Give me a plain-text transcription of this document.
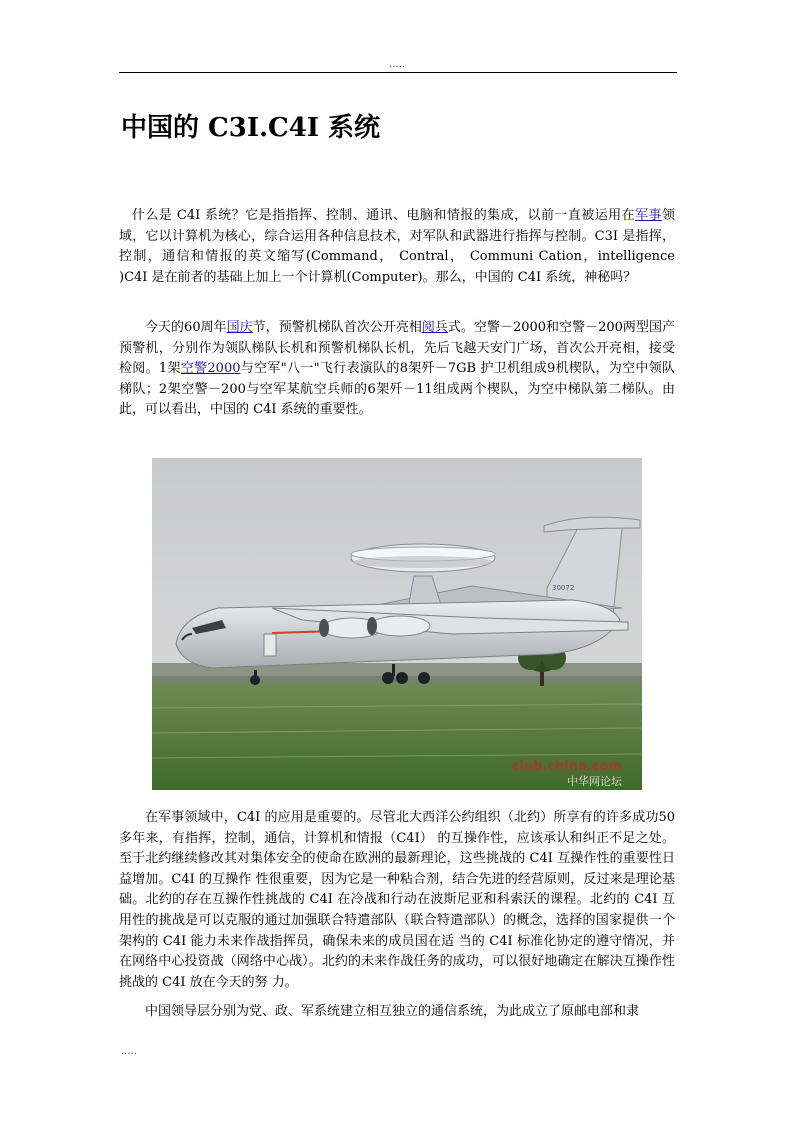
.....
中国的 C3I.C4I 系统

什么是 C4I 系统？它是指指挥、控制、通讯、电脑和情报的集成，以前一直被运用在军事领 域，它以计算机为核心，综合运用各种信息技术，对军队和武器进行指挥与控制。C3I 是指挥，控制，通信和情报的英文缩写(Command， Contral， Communi Cation，intelligence )C4I 是在前者的基础上加上一个计算机(Computer)。那么，中国的 C4I 系统，神秘吗？

今天的60周年国庆节，预警机梯队首次公开亮相阅兵式。空警－2000和空警－200两型国产预警机，分别作为领队梯队长机和预警机梯队长机，先后飞越天安门广场，首次公开亮相，接受检阅。1架空警2000与空军"八一"飞行表演队的8架歼－7GB 护卫机组成9机楔队，为空中领队梯队；2架空警－200与空军某航空兵师的6架歼－11组成两个楔队，为空中梯队第二梯队。由此，可以看出，中国的 C4I 系统的重要性。

30072
club.china.com
中华网论坛

在军事领域中，C4I 的应用是重要的。尽管北大西洋公约组织（北约）所享有的许多成功50多年来，有指挥，控制，通信，计算机和情报（C4I） 的互操作性，应该承认和纠正不足之处。至于北约继续修改其对集体安全的使命在欧洲的最新理论，这些挑战的 C4I 互操作性的重要性日益增加。C4I 的互操作 性很重要，因为它是一种粘合剂，结合先进的经营原则，反过来是理论基础。北约的存在互操作性挑战的 C4I 在冷战和行动在波斯尼亚和科索沃的课程。北约的 C4I 互用性的挑战是可以克服的通过加强联合特遣部队（联合特遣部队）的概念，选择的国家提供一个架构的 C4I 能力未来作战指挥员，确保未来的成员国在适 当的 C4I 标准化协定的遵守情况，并在网络中心投资战（网络中心战）。北约的未来作战任务的成功，可以很好地确定在解决互操作性挑战的 C4I 放在今天的努 力。

中国领导层分别为党、政、军系统建立相互独立的通信系统，为此成立了原邮电部和隶

.....
